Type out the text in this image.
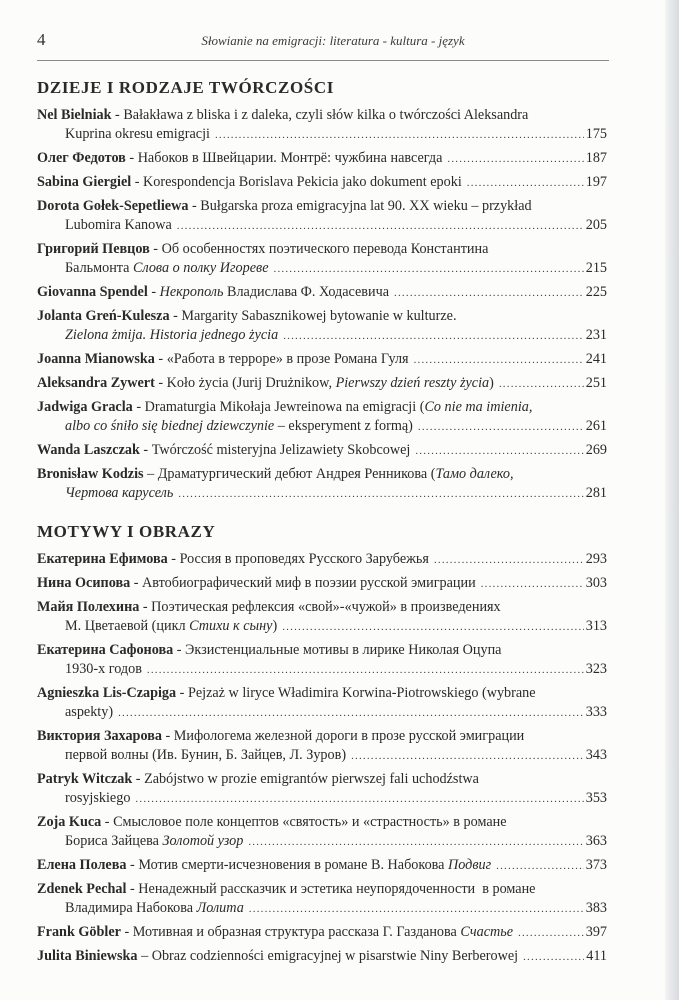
4	Słowianie na emigracji: literatura - kultura - język
DZIEJE I RODZAJE TWÓRCZOŚCI
Nel Bielniak - Bałakława z bliska i z daleka, czyli słów kilka o twórczości Aleksandra
Kuprina okresu emigracji .....	175
Олег Федотов - Набоков в Швейцарии. Монтрё: чужбина навсегда .....	187
Sabina Giergiel - Korespondencja Borislava Pekicia jako dokument epoki .....	197
Dorota Gołek-Sepetliewa - Bułgarska proza emigracyjna lat 90. XX wieku – przykład
Lubomira Kanowa .....	205
Григорий Певцов - Об особенностях поэтического перевода Константина
Бальмонта Слова о полку Игореве .....	215
Giovanna Spendel - Некрополь Владислава Ф. Ходасевича .....	225
Jolanta Greń-Kulesza - Margarity Sabasznikowej bytowanie w kulturze.
Zielona żmija. Historia jednego życia .....	231
Joanna Mianowska - «Работа в терроре» в прозе Романа Гуля .....	241
Aleksandra Zywert - Koło życia (Jurij Drużnikow, Pierwszy dzień reszty życia ) .....	251
Jadwiga Gracla - Dramaturgia Mikołaja Jewreinowa na emigracji ( Co nie ma imienia,
albo co śniło się biednej dziewczynie – eksperyment z formą) .....	261
Wanda Laszczak - Twórczość misteryjna Jelizawiety Skobcowej .....	269
Bronisław Kodzis – Драматургический дебют Андрея Ренникова ( Тамо далеко,
Чертова карусель .....	281
MOTYWY I OBRAZY
Екатерина Ефимова - Россия в проповедях Русского Зарубежья .....	293
Нина Осипова - Автобиографический миф в поэзии русской эмиграции .....	303
Майя Полехина - Поэтическая рефлексия «свой»-«чужой» в произведениях
М. Цветаевой (цикл Стихи к сыну ) .....	313
Екатерина Сафонова - Экзистенциальные мотивы в лирике Николая Оцупа
1930-х годов .....	323
Agnieszka Lis-Czapiga - Pejzaż w liryce Władimira Korwina-Piotrowskiego (wybrane
aspekty) .....	333
Виктория Захарова - Мифологема железной дороги в прозе русской эмиграции
первой волны (Ив. Бунин, Б. Зайцев, Л. Зуров) .....	343
Patryk Witczak - Zabójstwo w prozie emigrantów pierwszej fali uchodźstwa
rosyjskiego .....	353
Zoja Kuca - Смысловое поле концептов «святость» и «страстность» в романе
Бориса Зайцева Золотой узор .....	363
Елена Полева - Мотив смерти-исчезновения в романе В. Набокова Подвиг .....	373
Zdenek Pechal - Ненадежный рассказчик и эстетика неупорядоченности  в романе
Владимира Набокова Лолита .....	383
Frank Göbler - Мотивная и образная структура рассказа Г. Газданова Счастье .....	397
Julita Biniewska – Obraz codzienności emigracyjnej w pisarstwie Niny Berberowej .....	411
